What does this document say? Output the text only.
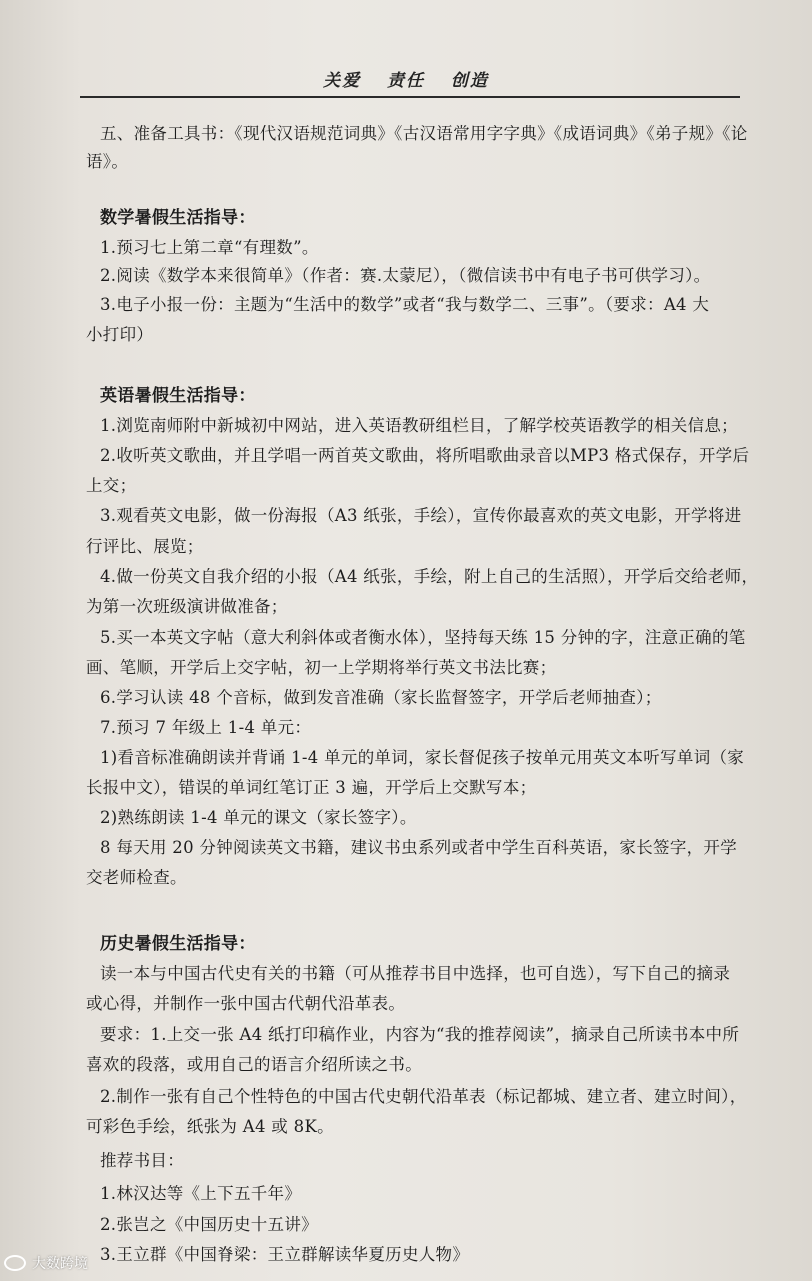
关爱 责任 创造
五、准备工具书：《现代汉语规范词典》《古汉语常用字字典》《成语词典》《弟子规》《论
语》。
数学暑假生活指导：
1.预习七上第二章“有理数”。
2.阅读《数学本来很简单》（作者：赛.太蒙尼），（微信读书中有电子书可供学习）。
3.电子小报一份：主题为“生活中的数学”或者“我与数学二、三事”。（要求：A4 大
小打印）
英语暑假生活指导：
1.浏览南师附中新城初中网站，进入英语教研组栏目，了解学校英语教学的相关信息；
2.收听英文歌曲，并且学唱一两首英文歌曲，将所唱歌曲录音以MP3 格式保存，开学后
上交；
3.观看英文电影，做一份海报（A3 纸张，手绘），宣传你最喜欢的英文电影，开学将进
行评比、展览；
4.做一份英文自我介绍的小报（A4 纸张，手绘，附上自己的生活照），开学后交给老师，
为第一次班级演讲做准备；
5.买一本英文字帖（意大利斜体或者衡水体），坚持每天练 15 分钟的字，注意正确的笔
画、笔顺，开学后上交字帖，初一上学期将举行英文书法比赛；
6.学习认读 48 个音标，做到发音准确（家长监督签字，开学后老师抽查）；
7.预习 7 年级上 1-4 单元：
1)看音标准确朗读并背诵 1-4 单元的单词，家长督促孩子按单元用英文本听写单词（家
长报中文），错误的单词红笔订正 3 遍，开学后上交默写本；
2)熟练朗读 1-4 单元的课文（家长签字）。
8 每天用 20 分钟阅读英文书籍，建议书虫系列或者中学生百科英语，家长签字，开学
交老师检查。
历史暑假生活指导：
读一本与中国古代史有关的书籍（可从推荐书目中选择，也可自选），写下自己的摘录
或心得，并制作一张中国古代朝代沿革表。
要求：1.上交一张 A4 纸打印稿作业，内容为“我的推荐阅读”，摘录自己所读书本中所
喜欢的段落，或用自己的语言介绍所读之书。
2.制作一张有自己个性特色的中国古代史朝代沿革表（标记都城、建立者、建立时间），
可彩色手绘，纸张为 A4 或 8K。
推荐书目：
1.林汉达等《上下五千年》
2.张岂之《中国历史十五讲》
3.王立群《中国脊梁：王立群解读华夏历史人物》
大数跨境
